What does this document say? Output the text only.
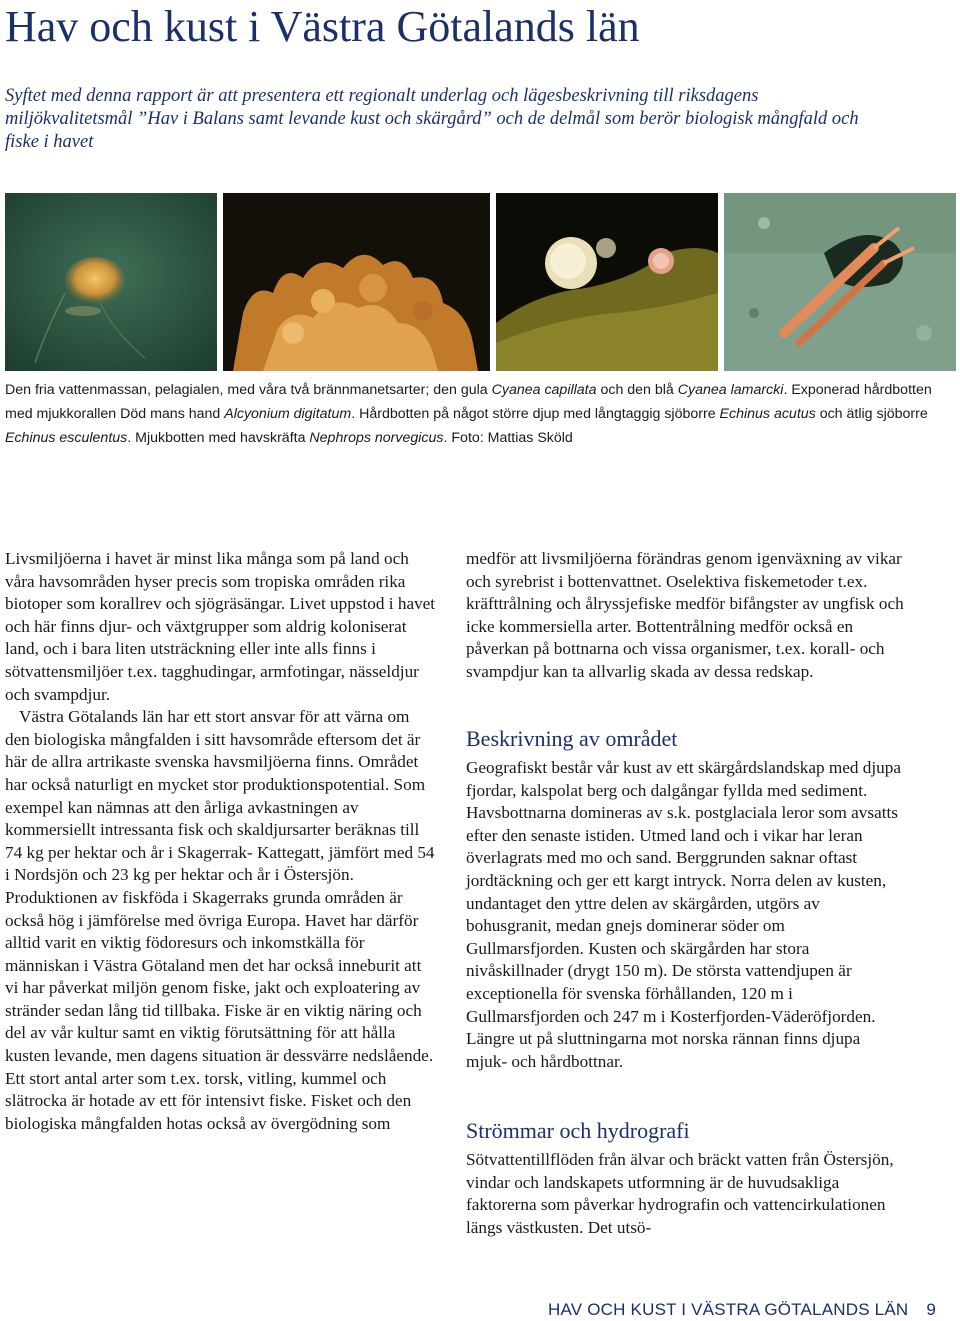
Hav och kust i Västra Götalands län
Syftet med denna rapport är att presentera ett regionalt underlag och lägesbeskrivning till riksdagens miljökvalitetsmål ”Hav i Balans samt levande kust och skärgård” och de delmål som berör biologisk mångfald och fiske i havet
Den fria vattenmassan, pelagialen, med våra två brännmanetsarter; den gula Cyanea capillata och den blå Cyanea lamarcki. Exponerad hårdbotten med mjukkorallen Död mans hand Alcyonium digitatum. Hårdbotten på något större djup med långtaggig sjöborre Echinus acutus och ätlig sjöborre Echinus esculentus. Mjukbotten med havskräfta Nephrops norvegicus. Foto: Mattias Sköld

Livsmiljöerna i havet är minst lika många som på land och våra havsområden hyser precis som tropiska områden rika biotoper som korallrev och sjögräsängar. Livet uppstod i havet och här finns djur- och växtgrupper som aldrig koloniserat land, och i bara liten utsträckning eller inte alls finns i sötvattensmiljöer t.ex. tagghudingar, armfotingar, nässeldjur och svampdjur.

Västra Götalands län har ett stort ansvar för att värna om den biologiska mångfalden i sitt havsområde eftersom det är här de allra artrikaste svenska havsmiljöerna finns. Området har också naturligt en mycket stor produktionspotential. Som exempel kan nämnas att den årliga avkastningen av kommersiellt intressanta fisk och skaldjursarter beräknas till 74 kg per hektar och år i Skagerrak- Kattegatt, jämfört med 54 i Nordsjön och 23 kg per hektar och år i Östersjön. Produktionen av fiskföda i Skagerraks grunda områden är också hög i jämförelse med övriga Europa. Havet har därför alltid varit en viktig födoresurs och inkomstkälla för människan i Västra Götaland men det har också inneburit att vi har påverkat miljön genom fiske, jakt och exploatering av stränder sedan lång tid tillbaka. Fiske är en viktig näring och del av vår kultur samt en viktig förutsättning för att hålla kusten levande, men dagens situation är dessvärre nedslående. Ett stort antal arter som t.ex. torsk, vitling, kummel och slätrocka är hotade av ett för intensivt fiske. Fisket och den biologiska mångfalden hotas också av övergödning som

medför att livsmiljöerna förändras genom igenväxning av vikar och syrebrist i bottenvattnet. Oselektiva fiskemetoder t.ex. kräfttrålning och ålryssjefiske medför bifångster av ungfisk och icke kommersiella arter. Bottentrålning medför också en påverkan på bottnarna och vissa organismer, t.ex. korall- och svampdjur kan ta allvarlig skada av dessa redskap.

Beskrivning av området

Geografiskt består vår kust av ett skärgårdslandskap med djupa fjordar, kalspolat berg och dalgångar fyllda med sediment. Havsbottnarna domineras av s.k. postglaciala leror som avsatts efter den senaste istiden. Utmed land och i vikar har leran överlagrats med mo och sand. Berggrunden saknar oftast jordtäckning och ger ett kargt intryck. Norra delen av kusten, undantaget den yttre delen av skärgården, utgörs av bohusgranit, medan gnejs dominerar söder om Gullmarsfjorden. Kusten och skärgården har stora nivåskillnader (drygt 150 m). De största vattendjupen är exceptionella för svenska förhållanden, 120 m i Gullmarsfjorden och 247 m i Kosterfjorden-Väderöfjorden. Längre ut på sluttningarna mot norska rännan finns djupa mjuk- och hårdbottnar.

Strömmar och hydrografi

Sötvattentillflöden från älvar och bräckt vatten från Östersjön, vindar och landskapets utformning är de huvudsakliga faktorerna som påverkar hydrografin och vattencirkulationen längs västkusten. Det utsö-

HAV OCH KUST I VÄSTRA GÖTALANDS LÄN 9
